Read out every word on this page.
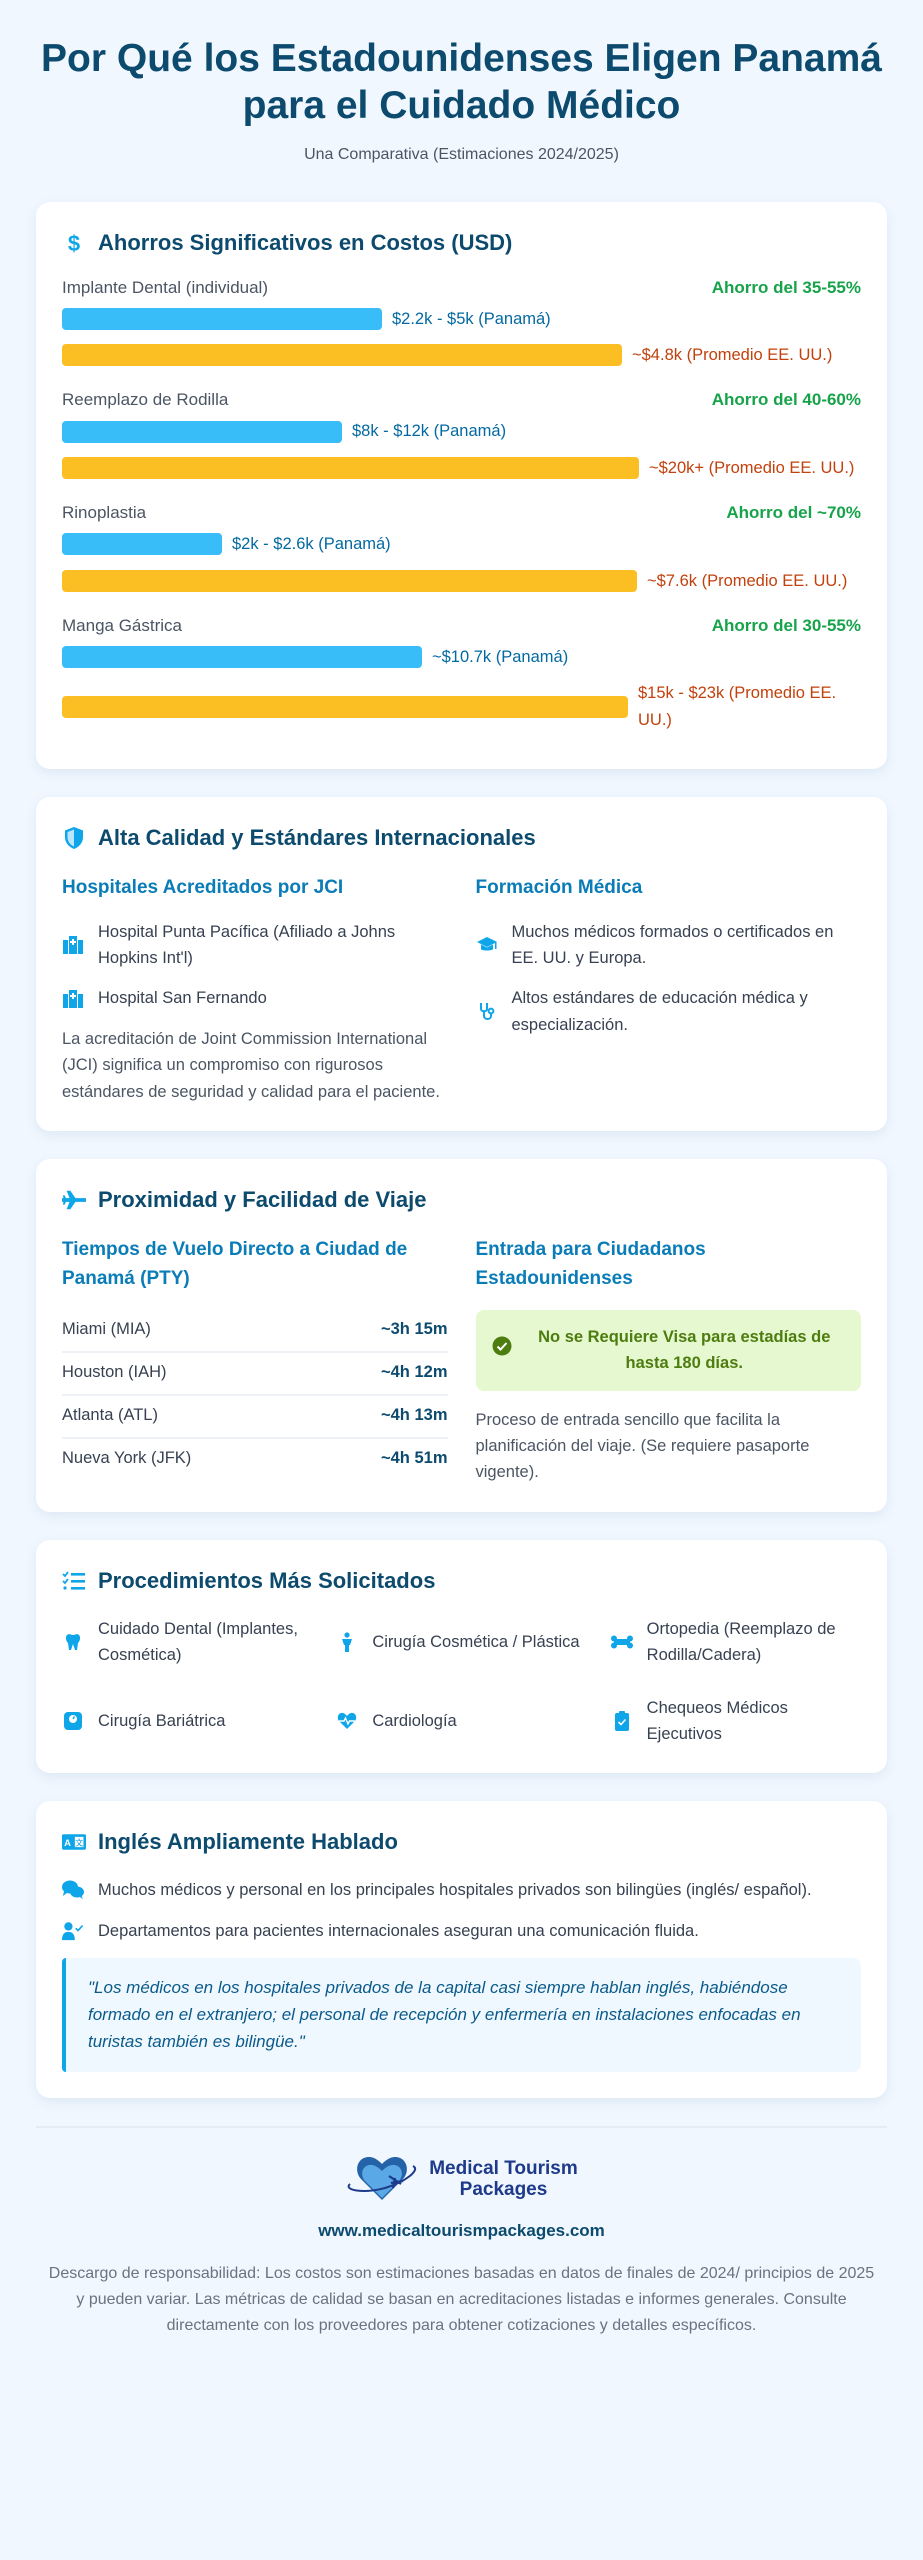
Por Qué los Estadounidenses Eligen Panamá para el Cuidado Médico

Una Comparativa (Estimaciones 2024/2025)

$ Ahorros Significativos en Costos (USD)
Implante Dental (individual)	Ahorro del 35-55%
$2.2k - $5k (Panamá)
~$4.8k (Promedio EE. UU.)
Reemplazo de Rodilla	Ahorro del 40-60%
$8k - $12k (Panamá)
~$20k+ (Promedio EE. UU.)
Rinoplastia	Ahorro del ~70%
$2k - $2.6k (Panamá)
~$7.6k (Promedio EE. UU.)
Manga Gástrica	Ahorro del 30-55%
~$10.7k (Panamá)
$15k - $23k (Promedio EE. UU.)
Alta Calidad y Estándares Internacionales
Hospitales Acreditados por JCI
Hospital Punta Pacífica (Afiliado a Johns Hopkins Int'l)
Hospital San Fernando

La acreditación de Joint Commission International (JCI) significa un compromiso con rigurosos estándares de seguridad y calidad para el paciente.

Formación Médica
Muchos médicos formados o certificados en EE. UU. y Europa.
Altos estándares de educación médica y especialización.
Proximidad y Facilidad de Viaje
Tiempos de Vuelo Directo a Ciudad de Panamá (PTY)
Miami (MIA)	~3h 15m
Houston (IAH)	~4h 12m
Atlanta (ATL)	~4h 13m
Nueva York (JFK)	~4h 51m
Entrada para Ciudadanos Estadounidenses
No se Requiere Visa para estadías de hasta 180 días.

Proceso de entrada sencillo que facilita la planificación del viaje. (Se requiere pasaporte vigente).

Procedimientos Más Solicitados
Cuidado Dental (Implantes, Cosmética)
Cirugía Cosmética / Plástica
Ortopedia (Reemplazo de Rodilla/Cadera)
Cirugía Bariátrica	Cardiología
Chequeos Médicos Ejecutivos
A 文 Inglés Ampliamente Hablado
Muchos médicos y personal en los principales hospitales privados son bilingües (inglés/ español).
Departamentos para pacientes internacionales aseguran una comunicación fluida.
"Los médicos en los hospitales privados de la capital casi siempre hablan inglés, habiéndose formado en el extranjero; el personal de recepción y enfermería en instalaciones enfocadas en turistas también es bilingüe."
Medical Tourism
Packages
www.medicaltourismpackages.com

Descargo de responsabilidad: Los costos son estimaciones basadas en datos de finales de 2024/ principios de 2025 y pueden variar. Las métricas de calidad se basan en acreditaciones listadas e informes generales. Consulte directamente con los proveedores para obtener cotizaciones y detalles específicos.
